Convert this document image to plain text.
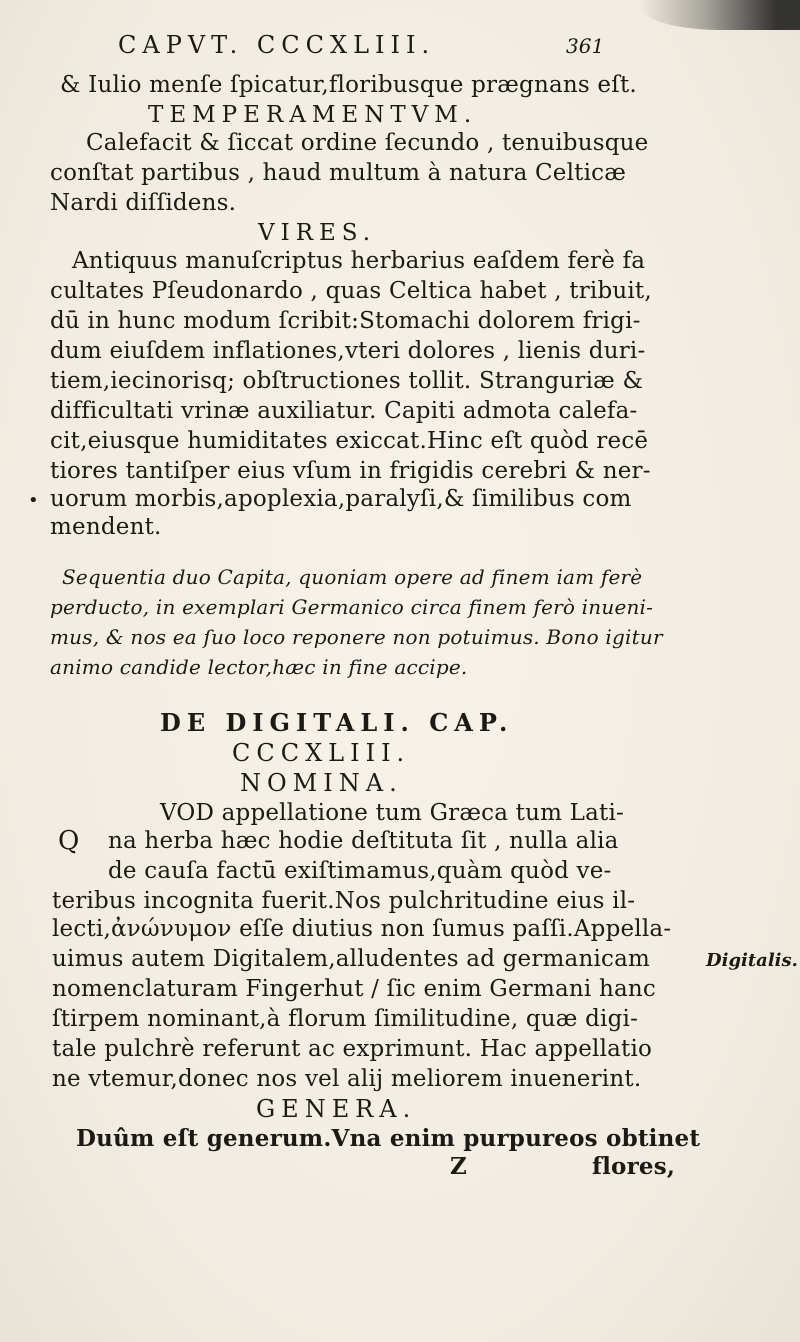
CAPVT. CCCXLIII.	361
& Iulio menſe ſpicatur,floribusque prægnans eſt.
TEMPERAMENTVM.
Calefacit & ſiccat ordine ſecundo , tenuibusque
conſtat partibus , haud multum à natura Celticæ
Nardi diſſidens.
VIRES.
Antiquus manuſcriptus herbarius eaſdem ferè fa
cultates Pſeudonardo , quas Celtica habet , tribuit,
dū in hunc modum ſcribit:Stomachi dolorem frigi-
dum eiuſdem inflationes,vteri dolores , lienis duri-
tiem,iecinorisq; obſtructiones tollit. Stranguriæ &
difficultati vrinæ auxiliatur. Capiti admota calefa-
cit,eiusque humiditates exiccat.Hinc eſt quòd recē
tiores tantiſper eius vſum in frigidis cerebri & ner-
• uorum morbis,apoplexia,paralyſi,& ſimilibus com
mendent.
Sequentia duo Capita, quoniam opere ad finem iam ferè
perducto, in exemplari Germanico circa finem ferò inueni-
mus, & nos ea ſuo loco reponere non potuimus. Bono igitur
animo candide lector,hæc in fine accipe.
DE DIGITALI. CAP.
CCCXLIII.
NOMINA.
Q
VOD appellatione tum Græca tum Lati-
na herba hæc hodie deſtituta ſit , nulla alia
de cauſa factū exiſtimamus,quàm quòd ve-
teribus incognita fuerit.Nos pulchritudine eius il-
lecti,ἀνώνυμον eſſe diutius non ſumus paſſi.Appella-
uimus autem Digitalem,alludentes ad germanicam	Digitalis.
nomenclaturam Fingerhut / ſic enim Germani hanc
ſtirpem nominant,à florum ſimilitudine, quæ digi-
tale pulchrè referunt ac exprimunt. Hac appellatio
ne vtemur,donec nos vel alij meliorem inuenerint.
GENERA.
Duûm eſt generum.Vna enim purpureos obtinet
Z	flores,
